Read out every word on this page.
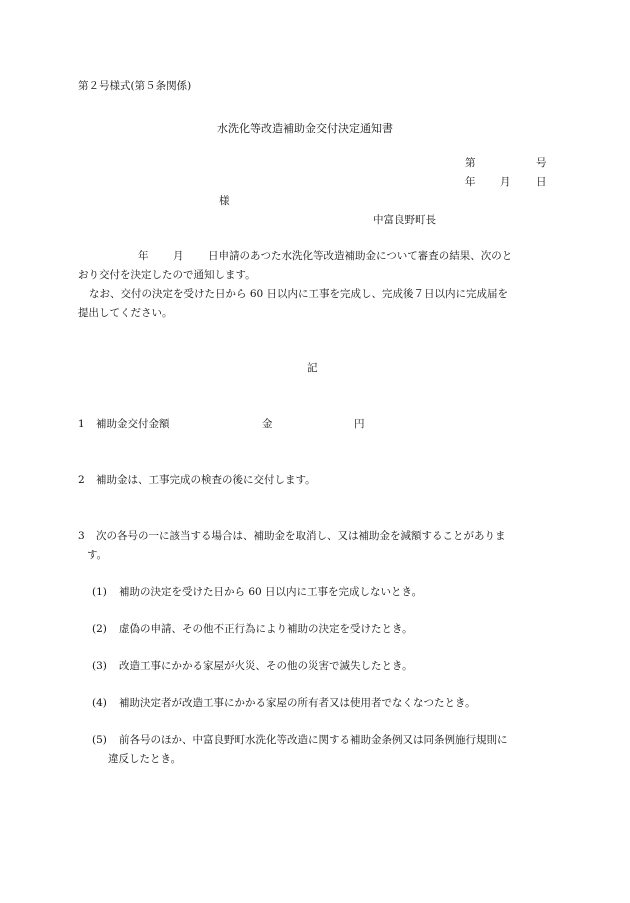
第２号様式(第５条関係)
水洗化等改造補助金交付決定通知書
第	号
年 月 日
様
中富良野町長
年 月 日申請のあつた水洗化等改造補助金について審査の結果、次のと
おり交付を決定したので通知します。
なお、交付の決定を受けた日から 60 日以内に工事を完成し、完成後７日以内に完成届を
提出してください。
記
1 補助金交付金額	金	円
2 補助金は、工事完成の検査の後に交付します。
3 次の各号の一に該当する場合は、補助金を取消し、又は補助金を減額することがありま
す。
(1) 補助の決定を受けた日から 60 日以内に工事を完成しないとき。
(2) 虚偽の申請、その他不正行為により補助の決定を受けたとき。
(3) 改造工事にかかる家屋が火災、その他の災害で滅失したとき。
(4) 補助決定者が改造工事にかかる家屋の所有者又は使用者でなくなつたとき。
(5) 前各号のほか、中富良野町水洗化等改造に関する補助金条例又は同条例施行規則に
違反したとき。
